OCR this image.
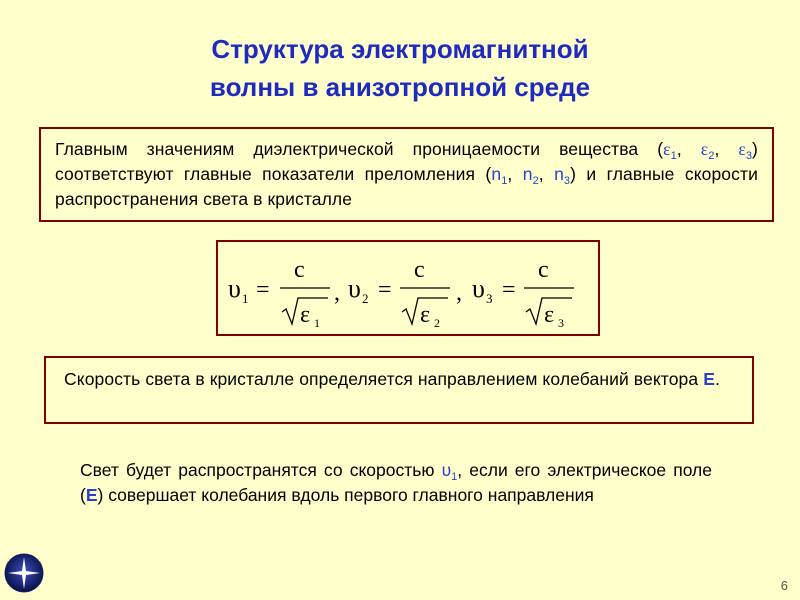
Структура электромагнитной
волны в анизотропной среде
Главным значениям диэлектрической проницаемости вещества ($\varepsilon_1$, $\varepsilon_2$, $\varepsilon_3$) соответствуют главные показатели преломления ($n_1$, $n_2$, $n_3$) и главные скорости распространения света в кристалле
υ 1 =
c
ε 1
, υ 2 =
c
ε 2
, υ 3 =
c
ε 3
Скорость света в кристалле определяется направлением колебаний вектора E.
Свет будет распространятся со скоростью $\upsilon_1$, если его электрическое поле (E) совершает колебания вдоль первого главного направления
6
